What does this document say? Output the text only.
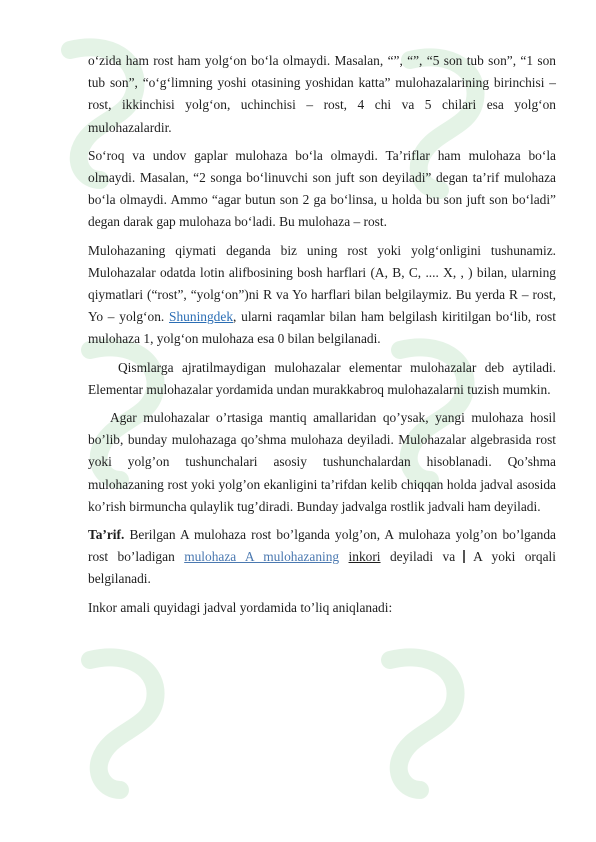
o‘zida ham rost ham yolg‘on bo‘la olmaydi. Masalan, “”, “”, “5 son tub son”, “1 son tub son”, “o‘g‘limning yoshi otasining yoshidan katta” mulohazalarining birinchisi – rost, ikkinchisi yolg‘on, uchinchisi – rost, 4 chi va 5 chilari esa yolg‘on mulohazalardir.

So‘roq va undov gaplar mulohaza bo‘la olmaydi. Ta’riflar ham mulohaza bo‘la olmaydi. Masalan, “2 songa bo‘linuvchi son juft son deyiladi” degan ta’rif mulohaza bo‘la olmaydi. Ammo “agar butun son 2 ga bo‘linsa, u holda bu son juft son bo‘ladi” degan darak gap mulohaza bo‘ladi. Bu mulohaza – rost.

Mulohazaning qiymati deganda biz uning rost yoki yolg‘onligini tushunamiz. Mulohazalar odatda lotin alifbosining bosh harflari (A, B, C, .... X, , ) bilan, ularning qiymatlari (“rost”, “yolg‘on”)ni R va Yo harflari bilan belgilaymiz. Bu yerda R – rost, Yo – yolg‘on. Shuningdek, ularni raqamlar bilan ham belgilash kiritilgan bo‘lib, rost mulohaza 1, yolg‘on mulohaza esa 0 bilan belgilanadi.

Qismlarga ajratilmaydigan mulohazalar elementar mulohazalar deb aytiladi. Elementar mulohazalar yordamida undan murakkabroq mulohazalarni tuzish mumkin.

Agar mulohazalar o’rtasiga mantiq amallaridan qo’ysak, yangi mulohaza hosil bo’lib, bunday mulohazaga qo’shma mulohaza deyiladi. Mulohazalar algebrasida rost yoki yolg’on tushunchalari asosiy tushunchalardan hisoblanadi. Qo’shma mulohazaning rost yoki yolg’on ekanligini ta’rifdan kelib chiqqan holda jadval asosida ko’rish birmuncha qulaylik tug’diradi. Bunday jadvalga rostlik jadvali ham deyiladi.

Ta’rif. Berilgan A mulohaza rost bo’lganda yolg’on, A mulohaza yolg’on bo’lganda rost bo’ladigan mulohaza A mulohazaning inkori deyiladi va A yoki orqali belgilanadi.

Inkor amali quyidagi jadval yordamida to’liq aniqlanadi:
